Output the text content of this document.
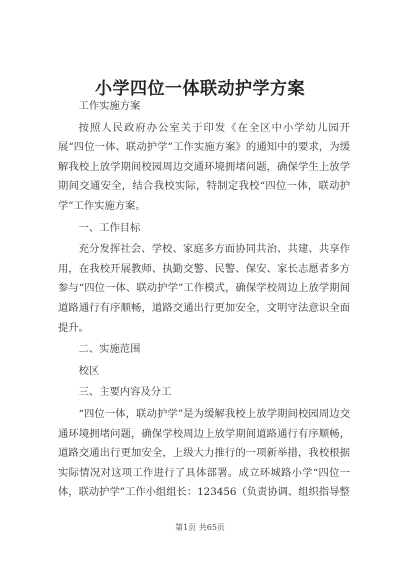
小学四位一体联动护学方案

工作实施方案

按照人民政府办公室关于印发《在全区中小学幼儿园开展“四位一体、联动护学”工作实施方案》的通知中的要求，为缓解我校上放学期间校园周边交通环境拥堵问题，确保学生上放学期间交通安全，结合我校实际，特制定我校“四位一体，联动护学”工作实施方案。

一、工作目标

充分发挥社会、学校、家庭多方面协同共治、共建、共享作用，在我校开展教师、执勤交警、民警、保安、家长志愿者多方参与“四位一体、联动护学”工作模式，确保学校周边上放学期间道路通行有序顺畅，道路交通出行更加安全，文明守法意识全面提升。

二、实施范围

校区

三、主要内容及分工

“四位一体，联动护学”是为缓解我校上放学期间校园周边交通环境拥堵问题，确保学校周边上放学期间道路通行有序顺畅，道路交通出行更加安全，上级大力推行的一项新举措，我校根据实际情况对这项工作进行了具体部署。成立环城路小学“四位一体，联动护学”工作小组组长：123456（负责协调、组织指导整

第1页 共65页
